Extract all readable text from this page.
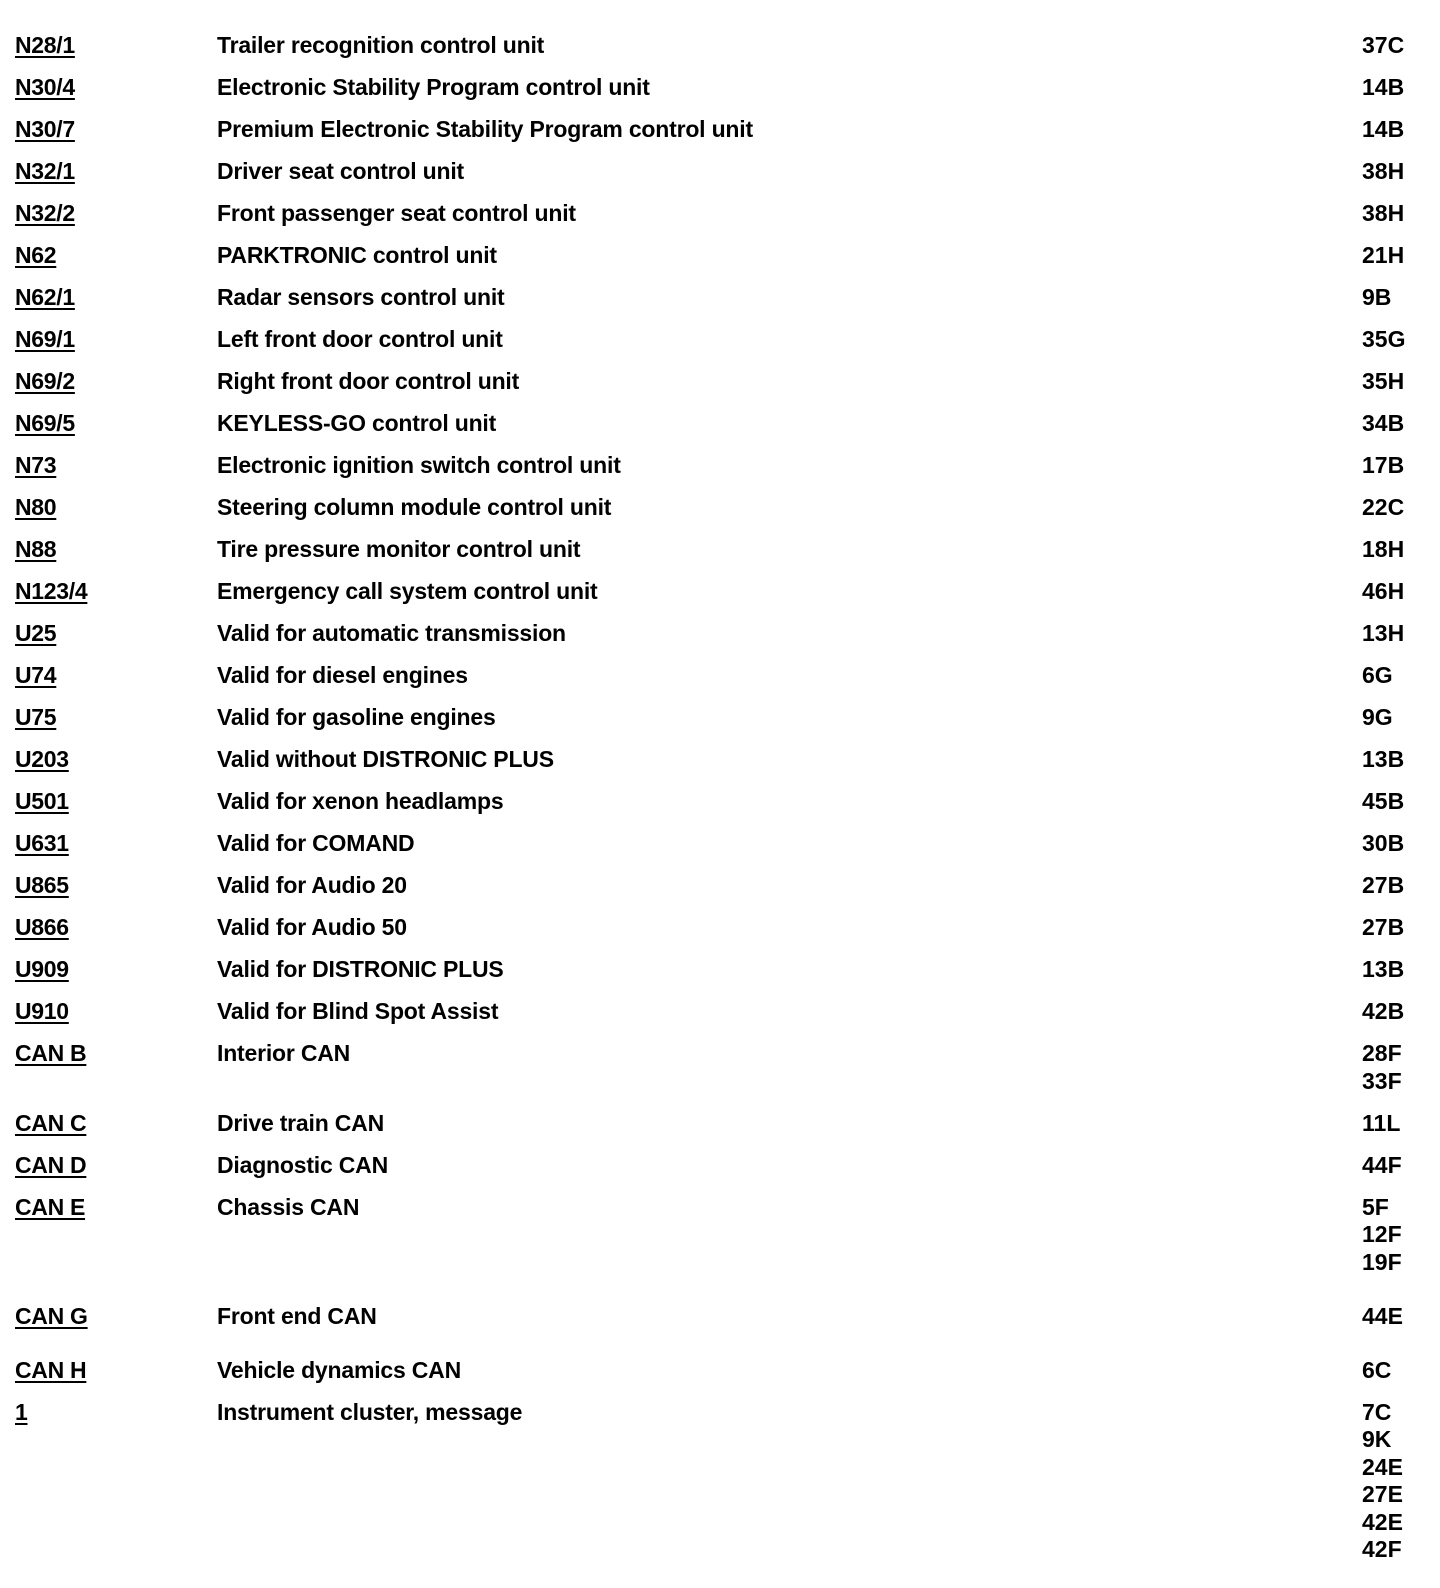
N28/1	Trailer recognition control unit	37C
N30/4	Electronic Stability Program control unit	14B
N30/7	Premium Electronic Stability Program control unit	14B
N32/1	Driver seat control unit	38H
N32/2	Front passenger seat control unit	38H
N62	PARKTRONIC control unit	21H
N62/1	Radar sensors control unit	9B
N69/1	Left front door control unit	35G
N69/2	Right front door control unit	35H
N69/5	KEYLESS-GO control unit	34B
N73	Electronic ignition switch control unit	17B
N80	Steering column module control unit	22C
N88	Tire pressure monitor control unit	18H
N123/4	Emergency call system control unit	46H
U25	Valid for automatic transmission	13H
U74	Valid for diesel engines	6G
U75	Valid for gasoline engines	9G
U203	Valid without DISTRONIC PLUS	13B
U501	Valid for xenon headlamps	45B
U631	Valid for COMAND	30B
U865	Valid for Audio 20	27B
U866	Valid for Audio 50	27B
U909	Valid for DISTRONIC PLUS	13B
U910	Valid for Blind Spot Assist	42B
CAN B	Interior CAN	28F
33F
CAN C	Drive train CAN	11L
CAN D	Diagnostic CAN	44F
CAN E	Chassis CAN	5F
12F
19F
CAN G	Front end CAN	44E
CAN H	Vehicle dynamics CAN	6C
1	Instrument cluster, message	7C
9K
24E
27E
42E
42F
